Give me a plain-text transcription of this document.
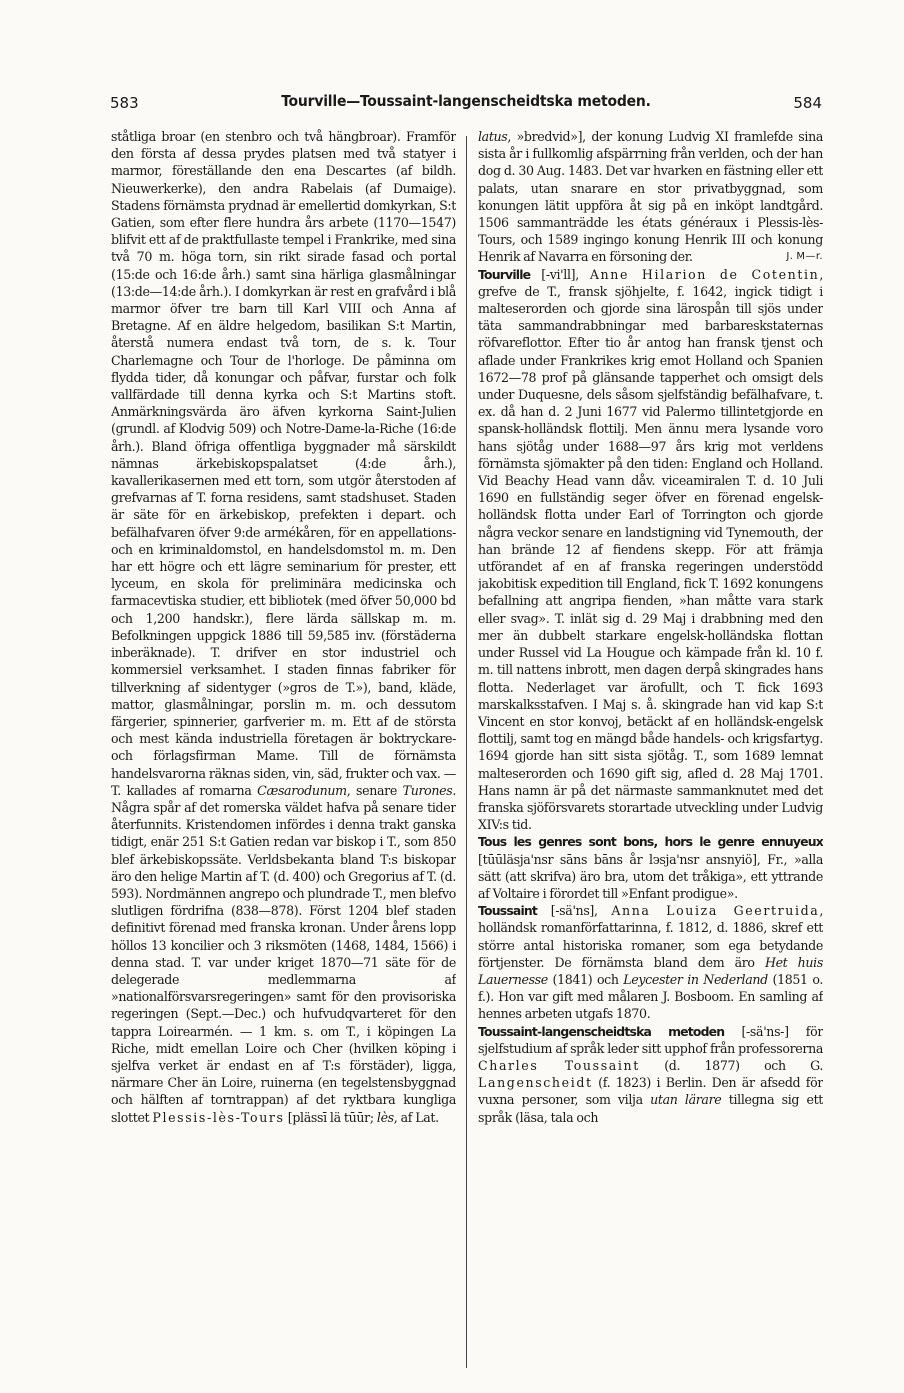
583	Tourville—Toussaint-langenscheidtska metoden.	584

ståtliga broar (en stenbro och två hängbroar). Framför den första af dessa prydes platsen med två statyer i marmor, föreställande den ena Descartes (af bildh. Nieuwerkerke), den andra Rabelais (af Dumaige). Stadens förnämsta prydnad är emellertid domkyrkan, S:t Gatien, som efter flere hundra års arbete (1170—1547) blifvit ett af de praktfullaste tempel i Frankrike, med sina två 70 m. höga torn, sin rikt sirade fasad och portal (15:de och 16:de årh.) samt sina härliga glasmålningar (13:de—14:de årh.). I domkyrkan är rest en grafvård i blå marmor öfver tre barn till Karl VIII och Anna af Bretagne. Af en äldre helgedom, basilikan S:t Martin, återstå numera endast två torn, de s. k. Tour Charlemagne och Tour de l'horloge. De påminna om flydda tider, då konungar och påfvar, furstar och folk vallfärdade till denna kyrka och S:t Martins stoft. Anmärkningsvärda äro äfven kyrkorna Saint-Julien (grundl. af Klodvig 509) och Notre-Dame-la-Riche (16:de årh.). Bland öfriga offentliga byggnader må särskildt nämnas ärkebiskopspalatset (4:de årh.), kavallerikasernen med ett torn, som utgör återstoden af grefvarnas af T. forna residens, samt stadshuset. Staden är säte för en ärkebiskop, prefekten i depart. och befälhafvaren öfver 9:de armékåren, för en appellations- och en kriminaldomstol, en handelsdomstol m. m. Den har ett högre och ett lägre seminarium för prester, ett lyceum, en skola för preliminära medicinska och farmacevtiska studier, ett bibliotek (med öfver 50,000 bd och 1,200 handskr.), flere lärda sällskap m. m. Befolkningen uppgick 1886 till 59,585 inv. (förstäderna inberäknade). T. drifver en stor industriel och kommersiel verksamhet. I staden finnas fabriker för tillverkning af sidentyger (»gros de T.»), band, kläde, mattor, glasmålningar, porslin m. m. och dessutom färgerier, spinnerier, garfverier m. m. Ett af de största och mest kända industriella företagen är boktryckare- och förlagsfirman Mame. Till de förnämsta handelsvarorna räknas siden, vin, säd, frukter och vax. — T. kallades af romarna Cæsarodunum, senare Turones. Några spår af det romerska väldet hafva på senare tider återfunnits. Kristendomen infördes i denna trakt ganska tidigt, enär 251 S:t Gatien redan var biskop i T., som 850 blef ärkebiskopssäte. Verldsbekanta bland T:s biskopar äro den helige Martin af T. (d. 400) och Gregorius af T. (d. 593). Nordmännen angrepo och plundrade T., men blefvo slutligen fördrifna (838—878). Först 1204 blef staden definitivt förenad med franska kronan. Under årens lopp höllos 13 koncilier och 3 riksmöten (1468, 1484, 1566) i denna stad. T. var under kriget 1870—71 säte för de delegerade medlemmarna af »nationalförsvarsregeringen» samt för den provisoriska regeringen (Sept.—Dec.) och hufvudqvarteret för den tappra Loirearmén. — 1 km. s. om T., i köpingen La Riche, midt emellan Loire och Cher (hvilken köping i sjelfva verket är endast en af T:s förstäder), ligga, närmare Cher än Loire, ruinerna (en tegelstensbyggnad och hälften af torntrappan) af det ryktbara kungliga slottet Plessis-lès-Tours [plässī lä tūūr; lès, af Lat.

latus, »bredvid»], der konung Ludvig XI framlefde sina sista år i fullkomlig afspärrning från verlden, och der han dog d. 30 Aug. 1483. Det var hvarken en fästning eller ett palats, utan snarare en stor privatbyggnad, som konungen lätit uppföra åt sig på en inköpt landtgård. 1506 sammanträdde les états généraux i Plessis-lès-Tours, och 1589 ingingo konung Henrik III och konung Henrik af Navarra en försoning der.	J. M—r.

Tourville [-vi'll], Anne Hilarion de Cotentin, grefve de T., fransk sjöhjelte, f. 1642, ingick tidigt i malteserorden och gjorde sina lärospån till sjös under täta sammandrabbningar med barbareskstaternas röfvareflottor. Efter tio år antog han fransk tjenst och aflade under Frankrikes krig emot Holland och Spanien 1672—78 prof på glänsande tapperhet och omsigt dels under Duquesne, dels såsom sjelfständig befälhafvare, t. ex. då han d. 2 Juni 1677 vid Palermo tillintetgjorde en spansk-holländsk flottilj. Men ännu mera lysande voro hans sjötåg under 1688—97 års krig mot verldens förnämsta sjömakter på den tiden: England och Holland. Vid Beachy Head vann dåv. viceamiralen T. d. 10 Juli 1690 en fullständig seger öfver en förenad engelsk-holländsk flotta under Earl of Torrington och gjorde några veckor senare en landstigning vid Tynemouth, der han brände 12 af fiendens skepp. För att främja utförandet af en af franska regeringen understödd jakobitisk expedition till England, fick T. 1692 konungens befallning att angripa fienden, »han måtte vara stark eller svag». T. inlät sig d. 29 Maj i drabbning med den mer än dubbelt starkare engelsk-holländska flottan under Russel vid La Hougue och kämpade från kl. 10 f. m. till nattens inbrott, men dagen derpå skingrades hans flotta. Nederlaget var ärofullt, och T. fick 1693 marskalksstafven. I Maj s. å. skingrade han vid kap S:t Vincent en stor konvoj, betäckt af en holländsk-engelsk flottilj, samt tog en mängd både handels- och krigsfartyg. 1694 gjorde han sitt sista sjötåg. T., som 1689 lemnat malteserorden och 1690 gift sig, afled d. 28 Maj 1701. Hans namn är på det närmaste sammanknutet med det franska sjöförsvarets storartade utveckling under Ludvig XIV:s tid.

Tous les genres sont bons, hors le genre ennuyeux [tūūläsja'nsr sāns bāns år lэsja'nsr ansnyiö], Fr., »alla sätt (att skrifva) äro bra, utom det tråkiga», ett yttrande af Voltaire i förordet till »Enfant prodigue».

Toussaint [-sä'ns], Anna Louiza Geertruida, holländsk romanförfattarinna, f. 1812, d. 1886, skref ett större antal historiska romaner, som ega betydande förtjenster. De förnämsta bland dem äro Het huis Lauernesse (1841) och Leycester in Nederland (1851 o. f.). Hon var gift med målaren J. Bosboom. En samling af hennes arbeten utgafs 1870.

Toussaint-langenscheidtska metoden [-sä'ns-] för sjelfstudium af språk leder sitt upphof från professorerna Charles Toussaint (d. 1877) och G. Langenscheidt (f. 1823) i Berlin. Den är afsedd för vuxna personer, som vilja utan lärare tillegna sig ett språk (läsa, tala och
